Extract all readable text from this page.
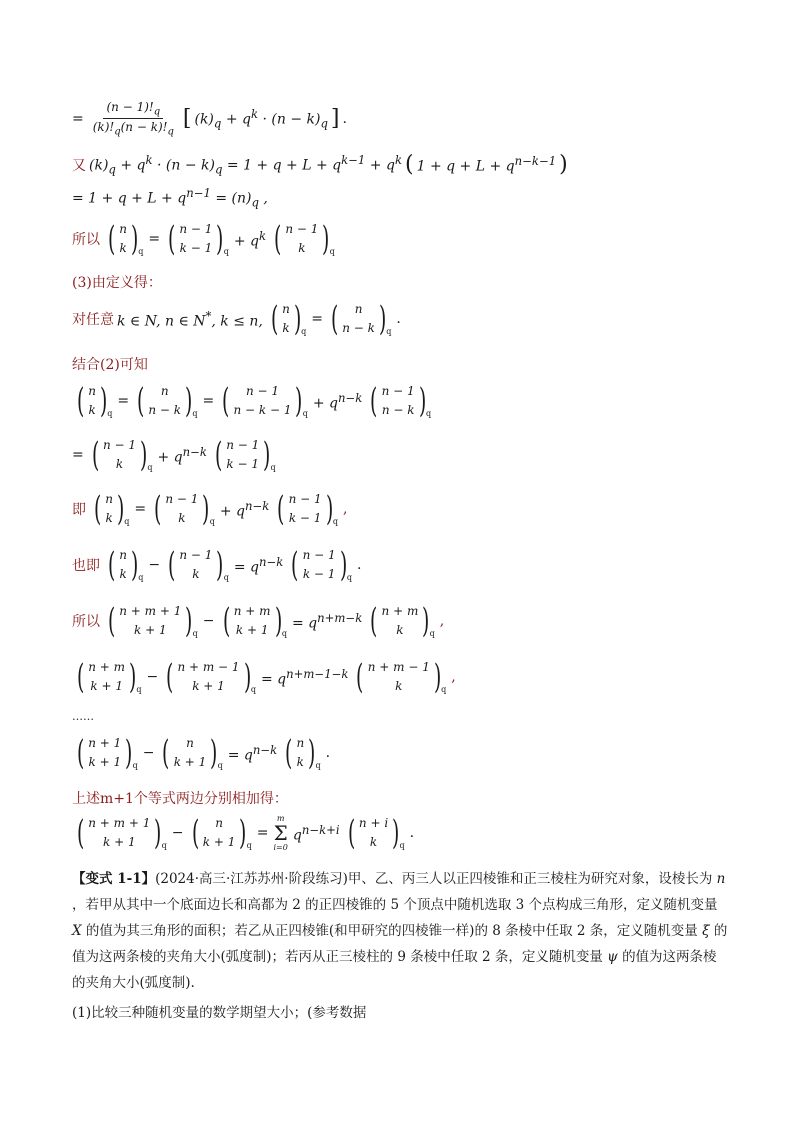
= $\frac{(n - 1)!_q}{(k)!_q(n - k)!_q}$ [ $(k)_q + q^k \cdot (n - k)_q$ ] .
又 $(k)_q + q^k \cdot (n - k)_q = 1 + q + L + q^{k-1} + q^k$ ( $1 + q + L + q^{n-k-1}$ )
= $1 + q + L + q^{n-1} = (n)_q$ ,
所以 ( n
k ) q
= ( n − 1
k − 1 ) q
+ $q^k$ ( n − 1
k ) q
(3)由定义得：
对任意 k ∈ N, n ∈ N*, k ≤ n, ( n
k ) q
= ( n
n − k ) q
.
结合(2)可知
( n
k ) q
= ( n
n − k ) q
= ( n − 1
n − k − 1 ) q
+ $q^{n-k}$ ( n − 1
n − k ) q
= ( n − 1
k ) q
+ $q^{n-k}$ ( n − 1
k − 1 ) q
即 ( n
k ) q
= ( n − 1
k ) q
+ $q^{n-k}$ ( n − 1
k − 1 ) q
,
也即 ( n
k ) q
− ( n − 1
k ) q
= $q^{n-k}$ ( n − 1
k − 1 ) q
.
所以 ( n + m + 1
k + 1 ) q
− ( n + m
k + 1 ) q
= $q^{n+m-k}$ ( n + m
k ) q
,
( n + m
k + 1 ) q
− ( n + m − 1
k + 1 ) q
= $q^{n+m-1-k}$ ( n + m − 1
k ) q
,
……
( n + 1
k + 1 ) q
− ( n
k + 1 ) q
= $q^{n-k}$ ( n
k ) q
.
上述m+1个等式两边分别相加得：
( n + m + 1
k + 1 ) q
− ( n
k + 1 ) q
=
m
Σ
i=0
$q^{n-k+i}$ ( n + i
k ) q
.
【变式 1-1】(2024·高三·江苏苏州·阶段练习)甲、乙、丙三人以正四棱锥和正三棱柱为研究对象，设棱长为 n ，若甲从其中一个底面边长和高都为 2 的正四棱锥的 5 个顶点中随机选取 3 个点构成三角形，定义随机变量 X 的值为其三角形的面积；若乙从正四棱锥(和甲研究的四棱锥一样)的 8 条棱中任取 2 条，定义随机变量 ξ 的值为这两条棱的夹角大小(弧度制)；若丙从正三棱柱的 9 条棱中任取 2 条，定义随机变量 ψ 的值为这两条棱的夹角大小(弧度制).
(1)比较三种随机变量的数学期望大小；(参考数据
